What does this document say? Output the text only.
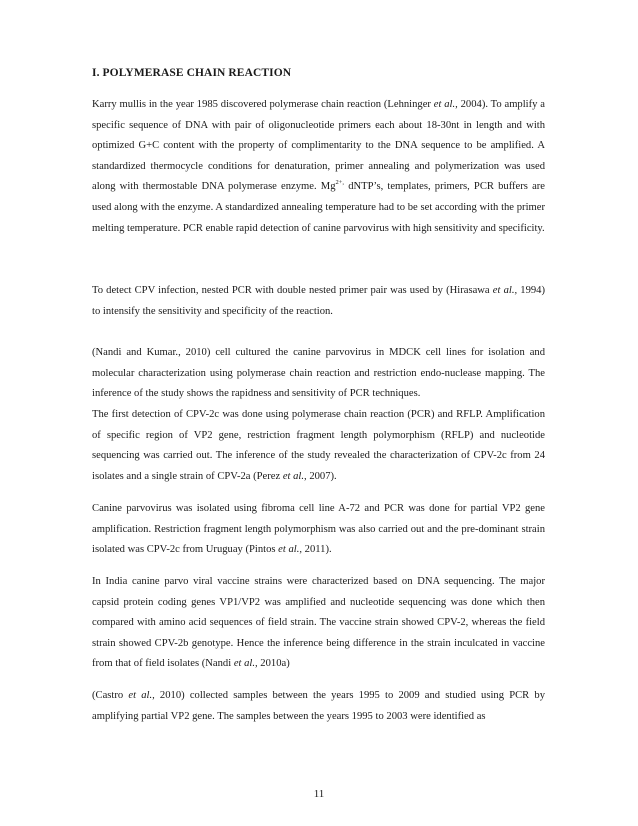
I. POLYMERASE CHAIN REACTION
Karry mullis in the year 1985 discovered polymerase chain reaction (Lehninger et al., 2004). To amplify a specific sequence of DNA with pair of oligonucleotide primers each about 18-30nt in length and with optimized G+C content with the property of complimentarity to the DNA sequence to be amplified. A standardized thermocycle conditions for denaturation, primer annealing and polymerization was used along with thermostable DNA polymerase enzyme. $Mg^{2+,}$ dNTP’s, templates, primers, PCR buffers are used along with the enzyme. A standardized annealing temperature had to be set according with the primer melting temperature. PCR enable rapid detection of canine parvovirus with high sensitivity and specificity.
To detect CPV infection, nested PCR with double nested primer pair was used by (Hirasawa et al., 1994) to intensify the sensitivity and specificity of the reaction.
(Nandi and Kumar., 2010) cell cultured the canine parvovirus in MDCK cell lines for isolation and molecular characterization using polymerase chain reaction and restriction endo-nuclease mapping. The inference of the study shows the rapidness and sensitivity of PCR techniques.
The first detection of CPV-2c was done using polymerase chain reaction (PCR) and RFLP. Amplification of specific region of VP2 gene, restriction fragment length polymorphism (RFLP) and nucleotide sequencing was carried out. The inference of the study revealed the characterization of CPV-2c from 24 isolates and a single strain of CPV-2a (Perez et al., 2007).
Canine parvovirus was isolated using fibroma cell line A-72 and PCR was done for partial VP2 gene amplification. Restriction fragment length polymorphism was also carried out and the pre-dominant strain isolated was CPV-2c from Uruguay (Pintos et al., 2011).
In India canine parvo viral vaccine strains were characterized based on DNA sequencing. The major capsid protein coding genes VP1/VP2 was amplified and nucleotide sequencing was done which then compared with amino acid sequences of field strain. The vaccine strain showed CPV-2, whereas the field strain showed CPV-2b genotype. Hence the inference being difference in the strain inculcated in vaccine from that of field isolates (Nandi et al., 2010a)
(Castro et al., 2010) collected samples between the years 1995 to 2009 and studied using PCR by amplifying partial VP2 gene. The samples between the years 1995 to 2003 were identified as
11
